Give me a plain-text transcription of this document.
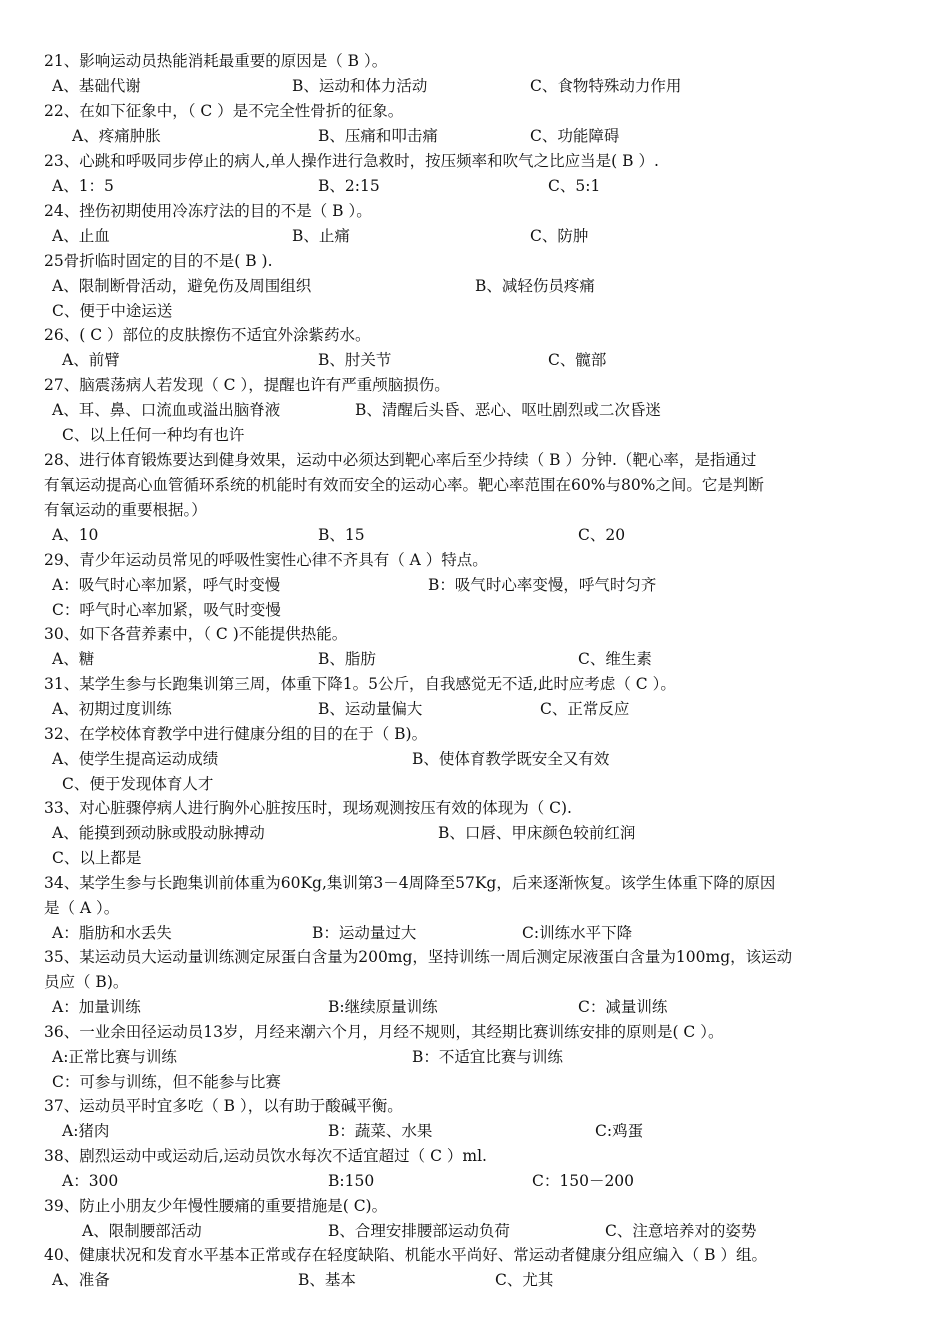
21、影响运动员热能消耗最重要的原因是（ B ）。
A、基础代谢	B、运动和体力活动	C、食物特殊动力作用
22、在如下征象中，（ C ）是不完全性骨折的征象。
A、疼痛肿胀	B、压痛和叩击痛	C、功能障碍
23、心跳和呼吸同步停止的病人,单人操作进行急救时，按压频率和吹气之比应当是( B ）.
A、1：5	B、2:15	C、5:1
24、挫伤初期使用冷冻疗法的目的不是（ B ）。
A、止血	B、止痛	C、防肿
25骨折临时固定的目的不是( B ).
A、限制断骨活动，避免伤及周围组织	B、减轻伤员疼痛
C、便于中途运送
26、( C ）部位的皮肤擦伤不适宜外涂紫药水。
A、前臂	B、肘关节	C、髋部
27、脑震荡病人若发现（ C ），提醒也许有严重颅脑损伤。
A、耳、鼻、口流血或溢出脑脊液	B、清醒后头昏、恶心、呕吐剧烈或二次昏迷
C、以上任何一种均有也许
28、进行体育锻炼要达到健身效果，运动中必须达到靶心率后至少持续（ B ）分钟.（靶心率，是指通过
有氧运动提高心血管循环系统的机能时有效而安全的运动心率。靶心率范围在60%与80%之间。它是判断
有氧运动的重要根据。）
A、10	B、15	C、20
29、青少年运动员常见的呼吸性窦性心律不齐具有（ A ）特点。
A：吸气时心率加紧，呼气时变慢	B：吸气时心率变慢，呼气时匀齐
C：呼气时心率加紧，吸气时变慢
30、如下各营养素中，（ C )不能提供热能。
A、糖	B、脂肪	C、维生素
31、某学生参与长跑集训第三周，体重下降1。5公斤，自我感觉无不适,此时应考虑（ C ）。
A、初期过度训练	B、运动量偏大	C、正常反应
32、在学校体育教学中进行健康分组的目的在于（ B)。
A、使学生提高运动成绩	B、使体育教学既安全又有效
C、便于发现体育人才
33、对心脏骤停病人进行胸外心脏按压时，现场观测按压有效的体现为（ C).
A、能摸到颈动脉或股动脉搏动	B、口唇、甲床颜色较前红润
C、以上都是
34、某学生参与长跑集训前体重为60Kg,集训第3－4周降至57Kg，后来逐渐恢复。该学生体重下降的原因
是（ A ）。
A：脂肪和水丢失	B：运动量过大	C:训练水平下降
35、某运动员大运动量训练测定尿蛋白含量为200mg，坚持训练一周后测定尿液蛋白含量为100mg，该运动
员应（ B)。
A：加量训练	B:继续原量训练	C：减量训练
36、一业余田径运动员13岁，月经来潮六个月，月经不规则，其经期比赛训练安排的原则是( C ）。
A:正常比赛与训练	B：不适宜比赛与训练
C：可参与训练，但不能参与比赛
37、运动员平时宜多吃（ B ），以有助于酸碱平衡。
A:猪肉	B：蔬菜、水果	C:鸡蛋
38、剧烈运动中或运动后,运动员饮水每次不适宜超过（ C ）ml.
A：300	B:150	C：150－200
39、防止小朋友少年慢性腰痛的重要措施是( C)。
A、限制腰部活动	B、合理安排腰部运动负荷	C、注意培养对的姿势
40、健康状况和发育水平基本正常或存在轻度缺陷、机能水平尚好、常运动者健康分组应编入（ B ）组。
A、准备	B、基本	C、尤其
